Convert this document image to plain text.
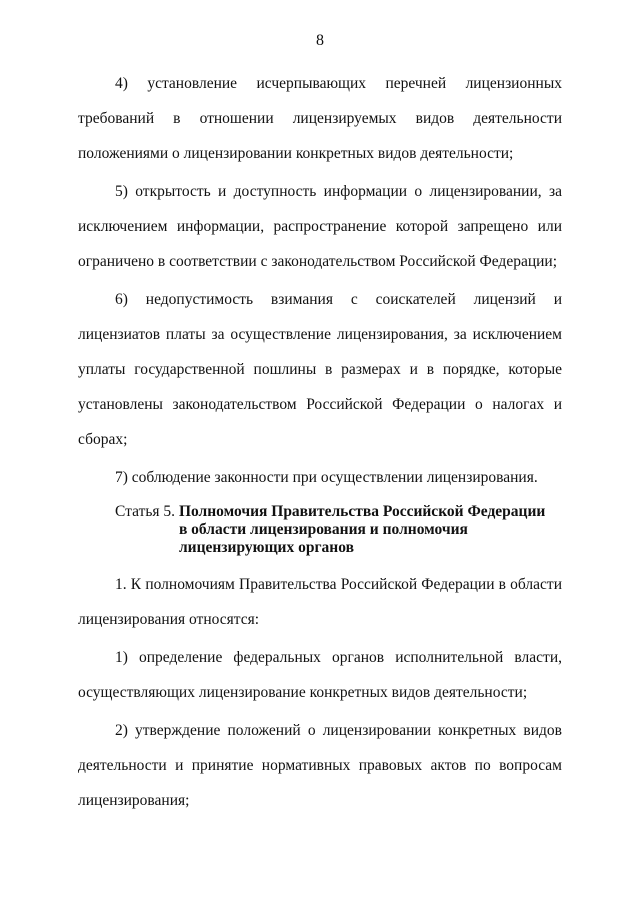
8

4) установление исчерпывающих перечней лицензионных требований в отношении лицензируемых видов деятельности положениями о лицензировании конкретных видов деятельности;

5) открытость и доступность информации о лицензировании, за исключением информации, распространение которой запрещено или ограничено в соответствии с законодательством Российской Федерации;

6) недопустимость взимания с соискателей лицензий и лицензиатов платы за осуществление лицензирования, за исключением уплаты государственной пошлины в размерах и в порядке, которые установлены законодательством Российской Федерации о налогах и сборах;

7) соблюдение законности при осуществлении лицензирования.

Статья 5. Полномочия Правительства Российской Федерации
в области лицензирования и полномочия
лицензирующих органов

1. К полномочиям Правительства Российской Федерации в области лицензирования относятся:

1) определение федеральных органов исполнительной власти, осуществляющих лицензирование конкретных видов деятельности;

2) утверждение положений о лицензировании конкретных видов деятельности и принятие нормативных правовых актов по вопросам лицензирования;
